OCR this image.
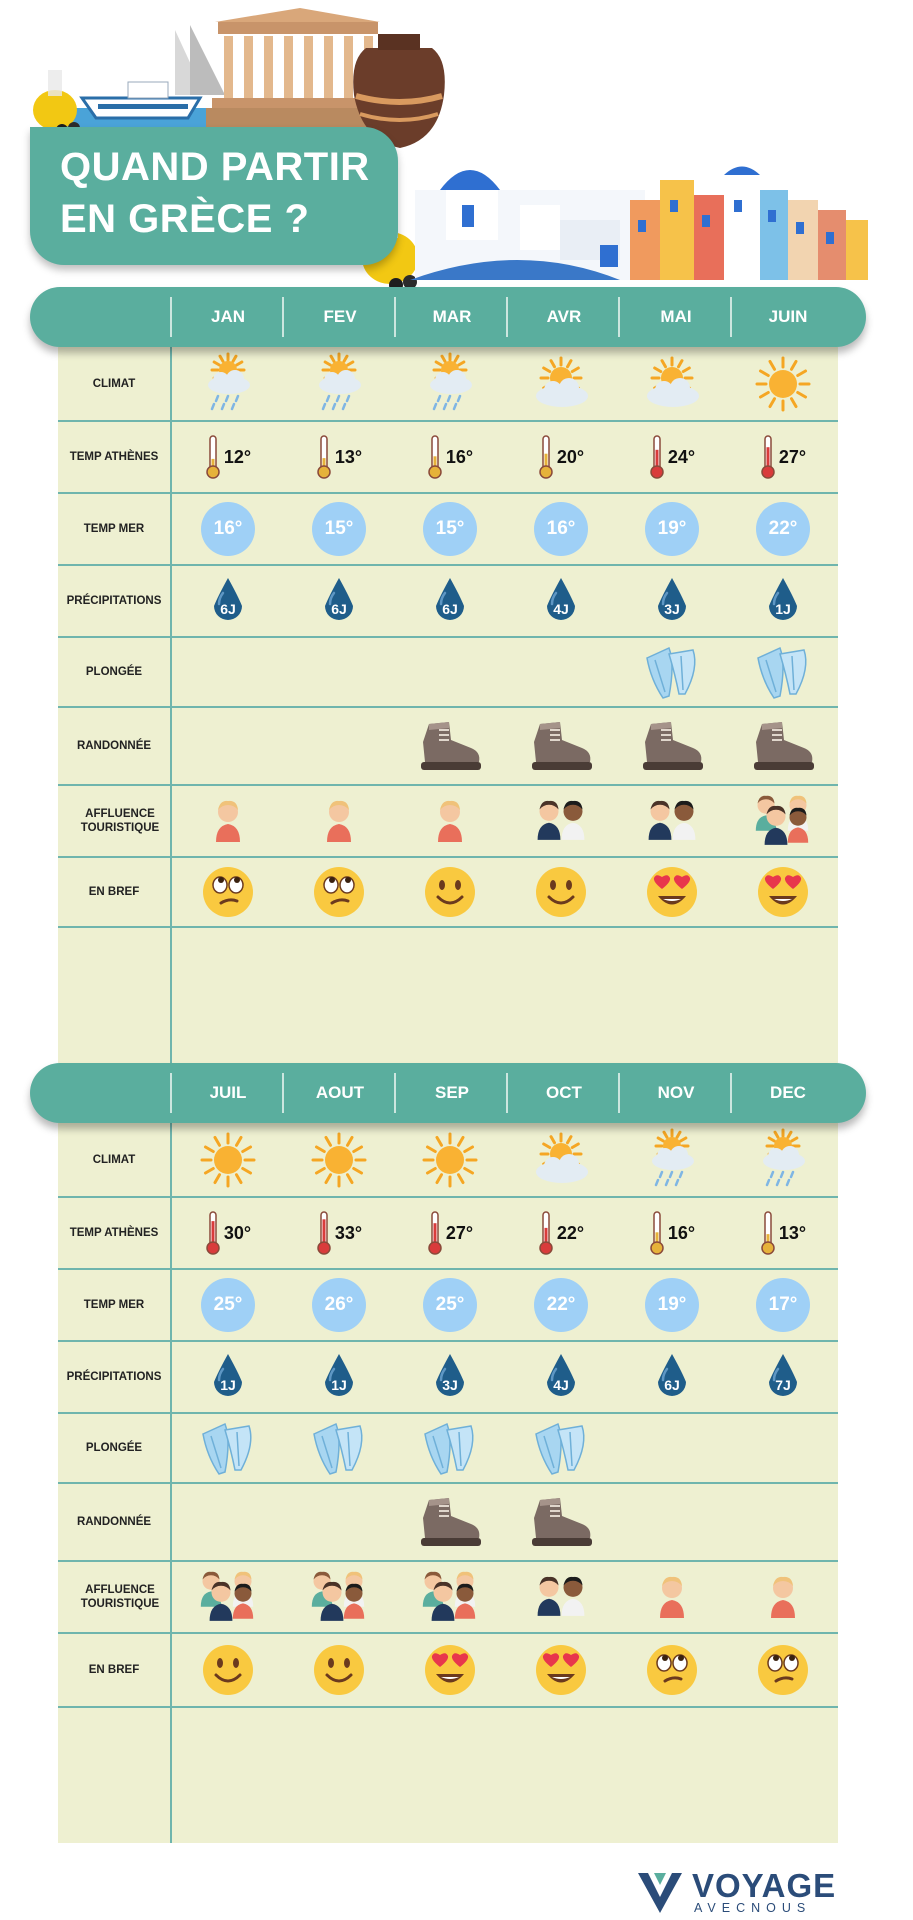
QUAND PARTIR
EN GRÈCE ?
JAN	FEV	MAR	AVR	MAI	JUIN
JUIL	AOUT	SEP	OCT	NOV	DEC
CLIMAT
TEMP ATHÈNES	12°	13°	16°	20°	24°	27°
TEMP MER	16°	15°	15°	16°	19°	22°
PRÉCIPITATIONS	6J	6J	6J	4J	3J	1J
PLONGÉE
RANDONNÉE
AFFLUENCE TOURISTIQUE
EN BREF
CLIMAT
TEMP ATHÈNES	30°	33°	27°	22°	16°	13°
TEMP MER	25°	26°	25°	22°	19°	17°
PRÉCIPITATIONS	1J	1J	3J	4J	6J	7J
PLONGÉE
RANDONNÉE
AFFLUENCE TOURISTIQUE
EN BREF
VOYAGE
AVECNOUS
